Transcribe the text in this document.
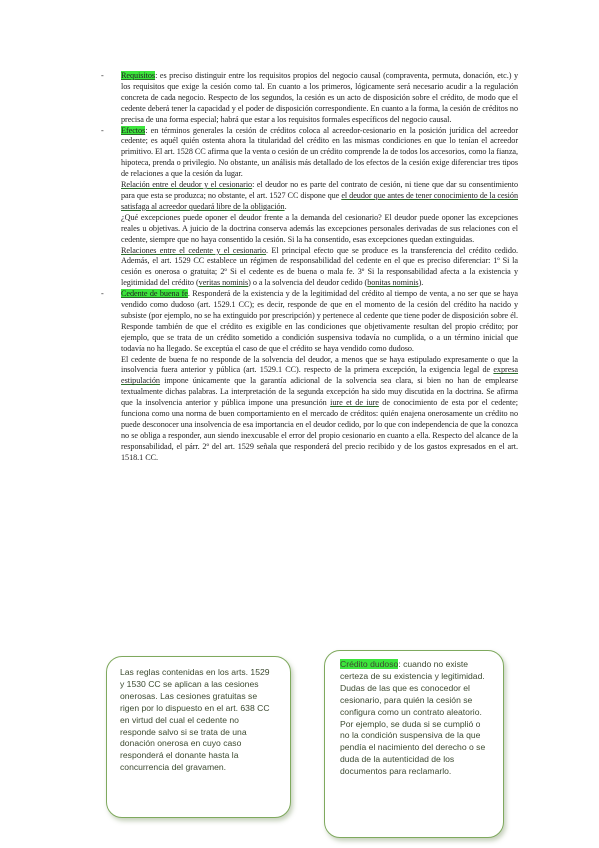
- Requisitos: es preciso distinguir entre los requisitos propios del negocio causal (compraventa, permuta, donación, etc.) y los requisitos que exige la cesión como tal. En cuanto a los primeros, lógicamente será necesario acudir a la regulación concreta de cada negocio. Respecto de los segundos, la cesión es un acto de disposición sobre el crédito, de modo que el cedente deberá tener la capacidad y el poder de disposición correspondiente. En cuanto a la forma, la cesión de créditos no precisa de una forma especial; habrá que estar a los requisitos formales específicos del negocio causal.

- Efectos: en términos generales la cesión de créditos coloca al acreedor-cesionario en la posición jurídica del acreedor cedente; es aquél quién ostenta ahora la titularidad del crédito en las mismas condiciones en que lo tenían el acreedor primitivo. El art. 1528 CC afirma que la venta o cesión de un crédito comprende la de todos los accesorios, como la fianza, hipoteca, prenda o privilegio. No obstante, un análisis más detallado de los efectos de la cesión exige diferenciar tres tipos de relaciones a que la cesión da lugar.

Relación entre el deudor y el cesionario: el deudor no es parte del contrato de cesión, ni tiene que dar su consentimiento para que esta se produzca; no obstante, el art. 1527 CC dispone que el deudor que antes de tener conocimiento de la cesión satisfaga al acreedor quedará libre de la obligación.

¿Qué excepciones puede oponer el deudor frente a la demanda del cesionario? El deudor puede oponer las excepciones reales u objetivas. A juicio de la doctrina conserva además las excepciones personales derivadas de sus relaciones con el cedente, siempre que no haya consentido la cesión. Si la ha consentido, esas excepciones quedan extinguidas.

Relaciones entre el cedente y el cesionario. El principal efecto que se produce es la transferencia del crédito cedido. Además, el art. 1529 CC establece un régimen de responsabilidad del cedente en el que es preciso diferenciar: 1º Si la cesión es onerosa o gratuita; 2º Si el cedente es de buena o mala fe. 3º Si la responsabilidad afecta a la existencia y legitimidad del crédito (veritas nominis) o a la solvencia del deudor cedido (bonitas nominis).

- Cedente de buena fe. Responderá de la existencia y de la legitimidad del crédito al tiempo de venta, a no ser que se haya vendido como dudoso (art. 1529.1 CC); es decir, responde de que en el momento de la cesión del crédito ha nacido y subsiste (por ejemplo, no se ha extinguido por prescripción) y pertenece al cedente que tiene poder de disposición sobre él. Responde también de que el crédito es exigible en las condiciones que objetivamente resultan del propio crédito; por ejemplo, que se trata de un crédito sometido a condición suspensiva todavía no cumplida, o a un término inicial que todavía no ha llegado. Se exceptúa el caso de que el crédito se haya vendido como dudoso.

El cedente de buena fe no responde de la solvencia del deudor, a menos que se haya estipulado expresamente o que la insolvencia fuera anterior y pública (art. 1529.1 CC). respecto de la primera excepción, la exigencia legal de expresa estipulación impone únicamente que la garantía adicional de la solvencia sea clara, si bien no han de emplearse textualmente dichas palabras. La interpretación de la segunda excepción ha sido muy discutida en la doctrina. Se afirma que la insolvencia anterior y pública impone una presunción iure et de iure de conocimiento de esta por el cedente; funciona como una norma de buen comportamiento en el mercado de créditos: quién enajena onerosamente un crédito no puede desconocer una insolvencia de esa importancia en el deudor cedido, por lo que con independencia de que la conozca no se obliga a responder, aun siendo inexcusable el error del propio cesionario en cuanto a ella. Respecto del alcance de la responsabilidad, el párr. 2º del art. 1529 señala que responderá del precio recibido y de los gastos expresados en el art. 1518.1 CC.

Las reglas contenidas en los arts. 1529 y 1530 CC se aplican a las cesiones onerosas. Las cesiones gratuitas se rigen por lo dispuesto en el art. 638 CC en virtud del cual el cedente no responde salvo si se trata de una donación onerosa en cuyo caso responderá el donante hasta la concurrencia del gravamen.
Crédito dudoso: cuando no existe certeza de su existencia y legitimidad. Dudas de las que es conocedor el cesionario, para quién la cesión se configura como un contrato aleatorio. Por ejemplo, se duda si se cumplió o no la condición suspensiva de la que pendía el nacimiento del derecho o se duda de la autenticidad de los documentos para reclamarlo.
